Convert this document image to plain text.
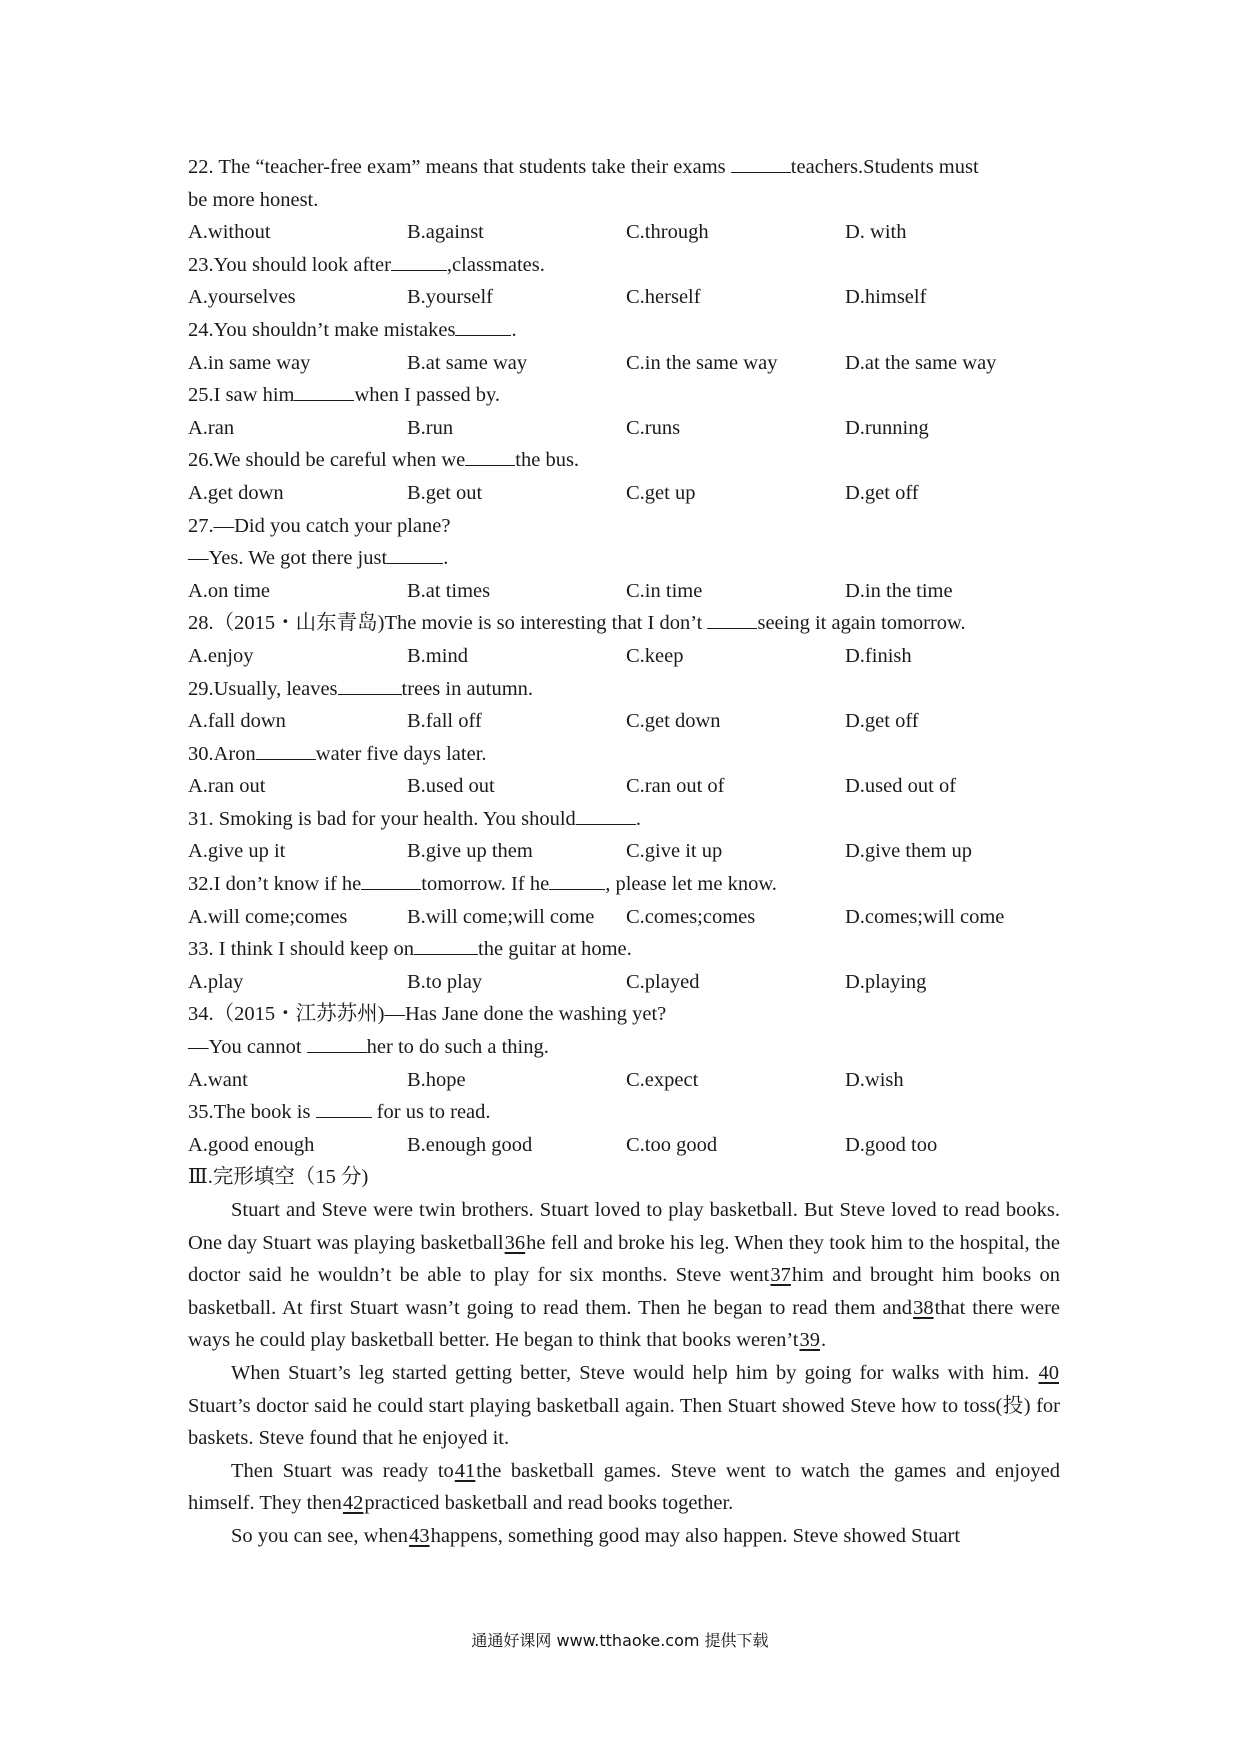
22. The “teacher-free exam” means that students take their exams	teachers.Students must
be more honest.
A.without	B.against	C.through	D. with
23.You should look after	,classmates.
A.yourselves	B.yourself	C.herself	D.himself
24.You shouldn’t make mistakes	.
A.in same way	B.at same way	C.in the same way	D.at the same way
25.I saw him	when I passed by.
A.ran	B.run	C.runs	D.running
26.We should be careful when we the bus.
A.get down	B.get out	C.get up	D.get off
27.—Did you catch your plane?
—Yes. We got there just	.
A.on time	B.at times	C.in time	D.in the time
28.（2015・山东青岛)The movie is so interesting that I don’t seeing it again tomorrow.
A.enjoy	B.mind	C.keep	D.finish
29.Usually, leaves	trees in autumn.
A.fall down	B.fall off	C.get down	D.get off
30.Aron	water five days later.
A.ran out	B.used out	C.ran out of	D.used out of
31. Smoking is bad for your health. You should	.
A.give up it	B.give up them	C.give it up	D.give them up
32.I don’t know if he	tomorrow. If he	, please let me know.
A.will come;comes	B.will come;will come	C.comes;comes	D.comes;will come
33. I think I should keep on	the guitar at home.
A.play	B.to play	C.played	D.playing
34.（2015・江苏苏州)—Has Jane done the washing yet?
—You cannot	her to do such a thing.
A.want	B.hope	C.expect	D.wish
35.The book is	for us to read.
A.good enough	B.enough good	C.too good	D.good too
Ⅲ.完形填空（15 分)

Stuart and Steve were twin brothers. Stuart loved to play basketball. But Steve loved to read books. One day Stuart was playing basketball36he fell and broke his leg. When they took him to the hospital, the doctor said he wouldn’t be able to play for six months. Steve went37him and brought him books on basketball. At first Stuart wasn’t going to read them. Then he began to read them and38that there were ways he could play basketball better. He began to think that books weren’t39.

When Stuart’s leg started getting better, Steve would help him by going for walks with him. 40 Stuart’s doctor said he could start playing basketball again. Then Stuart showed Steve how to toss(投) for baskets. Steve found that he enjoyed it.

Then Stuart was ready to41the basketball games. Steve went to watch the games and enjoyed himself. They then42practiced basketball and read books together.

So you can see, when43happens, something good may also happen. Steve showed Stuart

通通好课网 www.tthaoke.com 提供下载
